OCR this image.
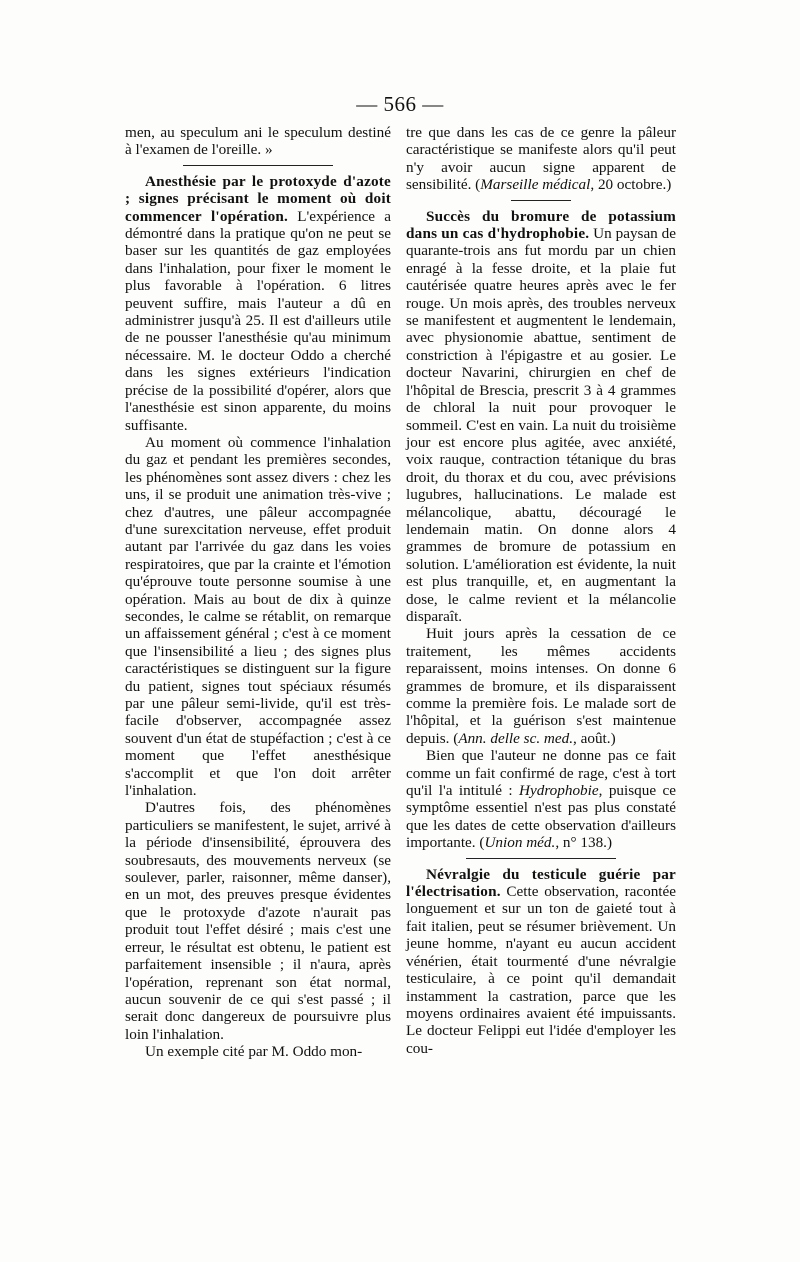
— 566 —

men, au speculum ani le speculum destiné à l'examen de l'oreille. »

Anesthésie par le protoxyde d'azote ; signes précisant le moment où doit commencer l'opération. L'expérience a démontré dans la pratique qu'on ne peut se baser sur les quantités de gaz employées dans l'inhalation, pour fixer le moment le plus favorable à l'opération. 6 litres peuvent suffire, mais l'auteur a dû en administrer jusqu'à 25. Il est d'ailleurs utile de ne pousser l'anesthésie qu'au minimum nécessaire. M. le docteur Oddo a cherché dans les signes extérieurs l'indication précise de la possibilité d'opérer, alors que l'anesthésie est sinon apparente, du moins suffisante.

Au moment où commence l'inhalation du gaz et pendant les premières secondes, les phénomènes sont assez divers : chez les uns, il se produit une animation très-vive ; chez d'autres, une pâleur accompagnée d'une surexcitation nerveuse, effet produit autant par l'arrivée du gaz dans les voies respiratoires, que par la crainte et l'émotion qu'éprouve toute personne soumise à une opération. Mais au bout de dix à quinze secondes, le calme se rétablit, on remarque un affaissement général ; c'est à ce moment que l'insensibilité a lieu ; des signes plus caractéristiques se distinguent sur la figure du patient, signes tout spéciaux résumés par une pâleur semi-livide, qu'il est très-facile d'observer, accompagnée assez souvent d'un état de stupéfaction ; c'est à ce moment que l'effet anesthésique s'accomplit et que l'on doit arrêter l'inhalation.

D'autres fois, des phénomènes particuliers se manifestent, le sujet, arrivé à la période d'insensibilité, éprouvera des soubresauts, des mouvements nerveux (se soulever, parler, raisonner, même danser), en un mot, des preuves presque évidentes que le protoxyde d'azote n'aurait pas produit tout l'effet désiré ; mais c'est une erreur, le résultat est obtenu, le patient est parfaitement insensible ; il n'aura, après l'opération, reprenant son état normal, aucun souvenir de ce qui s'est passé ; il serait donc dangereux de poursuivre plus loin l'inhalation.

Un exemple cité par M. Oddo mon-

tre que dans les cas de ce genre la pâleur caractéristique se manifeste alors qu'il peut n'y avoir aucun signe apparent de sensibilité. (Marseille médical, 20 octobre.)

Succès du bromure de potassium dans un cas d'hydrophobie. Un paysan de quarante-trois ans fut mordu par un chien enragé à la fesse droite, et la plaie fut cautérisée quatre heures après avec le fer rouge. Un mois après, des troubles nerveux se manifestent et augmentent le lendemain, avec physionomie abattue, sentiment de constriction à l'épigastre et au gosier. Le docteur Navarini, chirurgien en chef de l'hôpital de Brescia, prescrit 3 à 4 grammes de chloral la nuit pour provoquer le sommeil. C'est en vain. La nuit du troisième jour est encore plus agitée, avec anxiété, voix rauque, contraction tétanique du bras droit, du thorax et du cou, avec prévisions lugubres, hallucinations. Le malade est mélancolique, abattu, découragé le lendemain matin. On donne alors 4 grammes de bromure de potassium en solution. L'amélioration est évidente, la nuit est plus tranquille, et, en augmentant la dose, le calme revient et la mélancolie disparaît.

Huit jours après la cessation de ce traitement, les mêmes accidents reparaissent, moins intenses. On donne 6 grammes de bromure, et ils disparaissent comme la première fois. Le malade sort de l'hôpital, et la guérison s'est maintenue depuis. (Ann. delle sc. med., août.)

Bien que l'auteur ne donne pas ce fait comme un fait confirmé de rage, c'est à tort qu'il l'a intitulé : Hydrophobie, puisque ce symptôme essentiel n'est pas plus constaté que les dates de cette observation d'ailleurs importante. (Union méd., n° 138.)

Névralgie du testicule guérie par l'électrisation. Cette observation, racontée longuement et sur un ton de gaieté tout à fait italien, peut se résumer brièvement. Un jeune homme, n'ayant eu aucun accident vénérien, était tourmenté d'une névralgie testiculaire, à ce point qu'il demandait instamment la castration, parce que les moyens ordinaires avaient été impuissants. Le docteur Felippi eut l'idée d'employer les cou-
